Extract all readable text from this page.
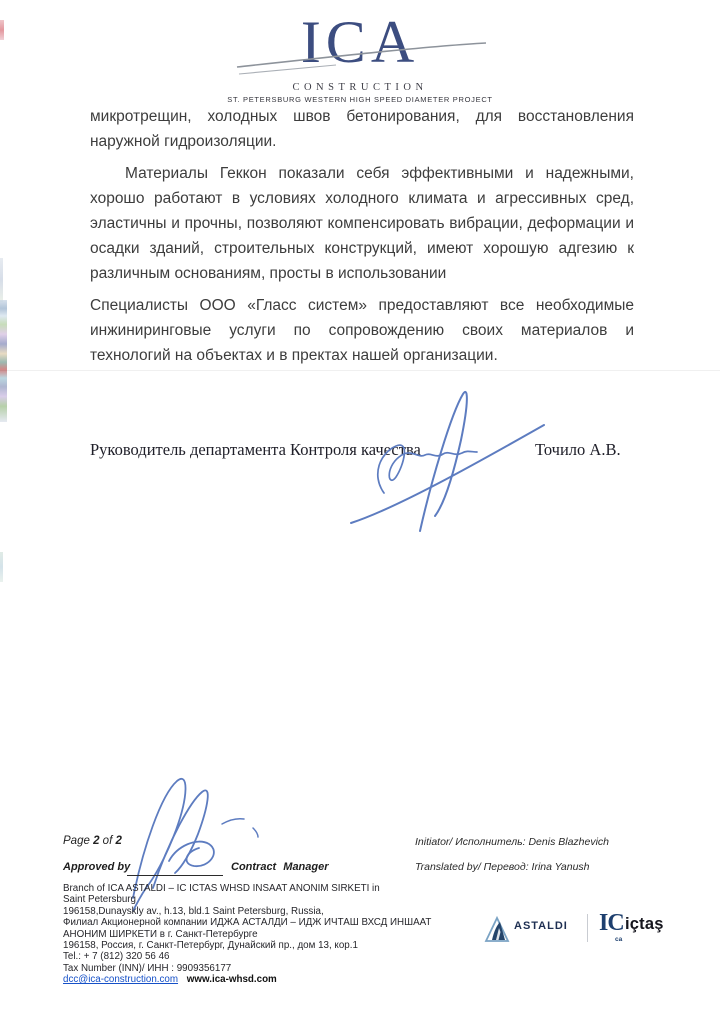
ICA
CONSTRUCTION
ST. PETERSBURG WESTERN HIGH SPEED DIAMETER PROJECT
микротрещин, холодных швов бетонирования, для восстановления
наружной гидроизоляции.
Материалы Геккон показали себя эффективными и надежными,
хорошо работают в условиях холодного климата и агрессивных сред,
эластичны и прочны, позволяют компенсировать вибрации, деформации и
осадки зданий, строительных конструкций, имеют хорошую адгезию к
различным основаниям, просты в использовании
Специалисты ООО «Гласс систем» предоставляют все необходимые
инжиниринговые услуги по сопровождению своих материалов и
технологий на объектах и в пректах нашей организации.
Руководитель департамента Контроля качества	Точило А.В.
Page 2 of 2
Approved by	Contract Manager
Initiator/ Исполнитель: Denis Blazhevich
Translated by/ Перевод: Irina Yanush
Branch of ICA ASTALDI – IC ICTAS WHSD INSAAT ANONIM SIRKETI in
Saint Petersburg
196158,Dunayskly av., h.13, bld.1 Saint Petersburg, Russia,
Филиал Акционерной компании ИДЖА АСТАЛДИ – ИДЖ ИЧТАШ ВХСД ИНШААТ
АНОНИМ ШИРКЕТИ в г. Санкт-Петербурге
196158, Россия, г. Санкт-Петербург, Дунайский пр., дом 13, кор.1
Tel.: + 7 (812) 320 56 46
Tax Number (INN)/ ИНН : 9909356177
dcc@ica-construction.com www.ica-whsd.com
ASTALDI IC
ca
içtaş
